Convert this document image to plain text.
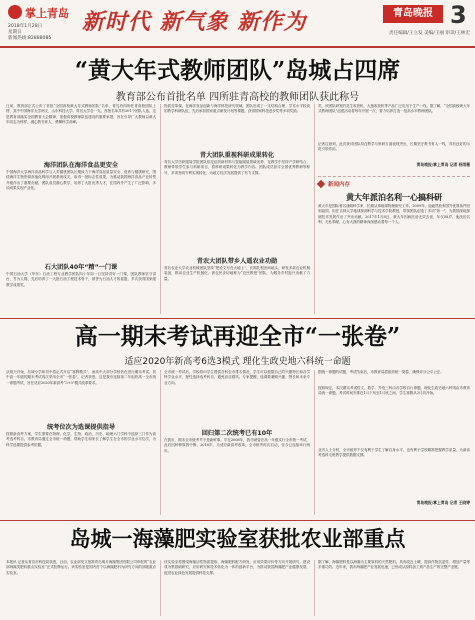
掌上青岛
2018年1月28日
星期日
新闻热线:82888085
新时代 新气象 新作为	青岛晚报 3
责任编辑/王立发 美编/王丽 审读/王林宏
“黄大年式教师团队”岛城占四席
教育部公布首批名单 四所驻青高校的教师团队获此称号
日前，教育部正式公布了首批“全国高校黄大年式教师团队”名单，青岛有四所驻青高校团队上榜，其中中国海洋大学两支，山东科技大学、青岛大学各一支。首批名单共有201个团队入选。这是教育部落实全国教育大会精神、加强高校教师队伍建设的重要举措，旨在引导广大教师以黄大年同志为榜样，潜心教书育人，勇攀科学高峰。
海洋团队在海洋食品更安全
中国海洋大学海洋食品科学与人类健康团队长期致力于海洋食品质量安全、营养与健康研究，围绕海洋生物资源高值化利用开展系统攻关，取得一批标志性成果，为推动我国海洋食品产业转型升级作出了重要贡献。团队成员潜心教学，培养了大批优秀人才，在国内外产生了广泛影响，多项成果实现产业化。
石大团队40年“精”一门课
中国石油大学（华东）石油工程专业教学团队四十年如一日坚持讲好一门课，团队教师坚守讲台、甘为人梯，先后培养了一大批石油工程技术骨干，被誉为石油人才的摇篮，多次获得国家级教学成果奖。
物质变革课。在海洋食品创新与海洋科技研究领域，团队形成了一支结构合理、学术水平较高的教学科研队伍，先后承担国家重点研发计划等课题，获得国家科技进步奖等多项奖励。
青大团队重视科研成果转化
青岛大学纺织服装学院团队依托纺织新材料与智能服装领域优势，在教学中坚持产学研结合，教师带领学生参与科研项目，将科研成果转化为教学内容。团队成员获评全国优秀教师等称号，多项发明专利实现转化，为地方经济发展提供了有力支撑。
青农大团队带乡人遥农业功勋
青岛农业大学农业机械团队坚持“把论文写在大地上”，长期扎根田间地头，研发多款农业机械装备，推动农业生产机械化，被农民亲切地称为“农民教授”团队，为服务乡村振兴贡献了力量。
奖，该团队研发的花生收获机、大葱收获机等产品广泛应用于生产一线。据了解，“全国高校黄大年式教师团队”创建活动将每年开展一次，着力培养打造一批高水平教师团队。
记者注意到，此次获评团队均在教学与科研方面表现突出，长期坚守教书育人一线，具有良好的示范引领作用。
青岛晚报/掌上青岛 记者 杨雨薇
新闻内存
黄大年派泊名利一心搞科研
黄大年是国际著名战略科学家，长期从事地球物理研究工作。2009年，他毅然放弃国外优厚条件回到祖国，担任吉林大学地球探测科学与技术学院教授，带领团队创造了多项“第一”，为我国深地探测技术发展作出了突出贡献。2017年1月8日，黄大年因病医治无效去世，年仅58岁。他淡泊名利、无私奉献、心有大我的精神深深感动着每一个人。
高一期末考试再迎全市“一张卷”
适应2020年新高考6选3模式 理化生政史地六科统一命题
从明天开始，岛城小学和初中将正式开启“寒假模式”，而高中大部分学校仍在进行期末考试，其中高一年级的期末考试再次采用全市“一张卷”。记者获悉，这是我市连续第二年组织高一全市统一命题考试，旨在适应2020年新高考“3+3”模式改革要求。
统考位次为选课提供指导
按照新高考方案，学生需要在物理、化学、生物、政治、历史、地理六门学科中选择三门作为高考选考科目。市教育局通过全市统一命题，帮助学生和家长了解学生在全市的学业水平位次，为科学选课提供参考依据。
全市统一考试后，学校将向学生提供各科全市排名情况，学生可以根据自己的兴趣特长和各学科学业水平，理性选择选考科目，避免盲目跟风。专家提醒，选课要兼顾兴趣、特长和未来专业方向。
回归第二次统考已有10年
在我市，期末全市统考并不是新鲜事。早在2008年，我市就曾在高一年级实行全市统一考试，此后因种种原因中断。2016年，为适应新高考改革，全市统考再次启动，至今已连续举行两年。
据统一命题的试题，考试结束后，市教育局将组织统一阅卷，确保评分公平公正。
按照规定，本次期末考试语文、数学、外语三科由各学校自行命题，理化生政史地六科则由市教育局统一命题，考试时间安排在1月下旬至1月底之间，学生寒假从2月初开始。
业内人士分析，全市统考不仅有利于学生了解自身水平，也有利于学校精准把握教学质量，为新高考选科走班教学提供数据支撑。
青岛晚报/掌上青岛 记者 王晓婷
岛城一海藻肥实验室获批农业部重点
本报讯 记者从青岛市科技局获悉，日前，农业部发文批准青岛明月海藻集团有限公司申报的“农业部海藻类肥料重点实验室”正式挂牌运行。该实验室是国内首个以海藻肥料为研究方向的部级重点实验室。
该实验室将围绕海藻活性物质提取、海藻肥料配方研发、应用效果评价等方向开展研究，建设成为集基础研究、应用研究和技术转化为一体的创新平台，为推动我国海藻肥产业健康发展、促进农业绿色发展提供科技支撑。
据了解，海藻肥料是以海藻为主要原料的天然肥料，具有改良土壤、提高作物抗逆性、增加产量等多重功效。近年来，我市海藻肥产业发展迅速，已形成从原料加工到产品生产的完整产业链。
